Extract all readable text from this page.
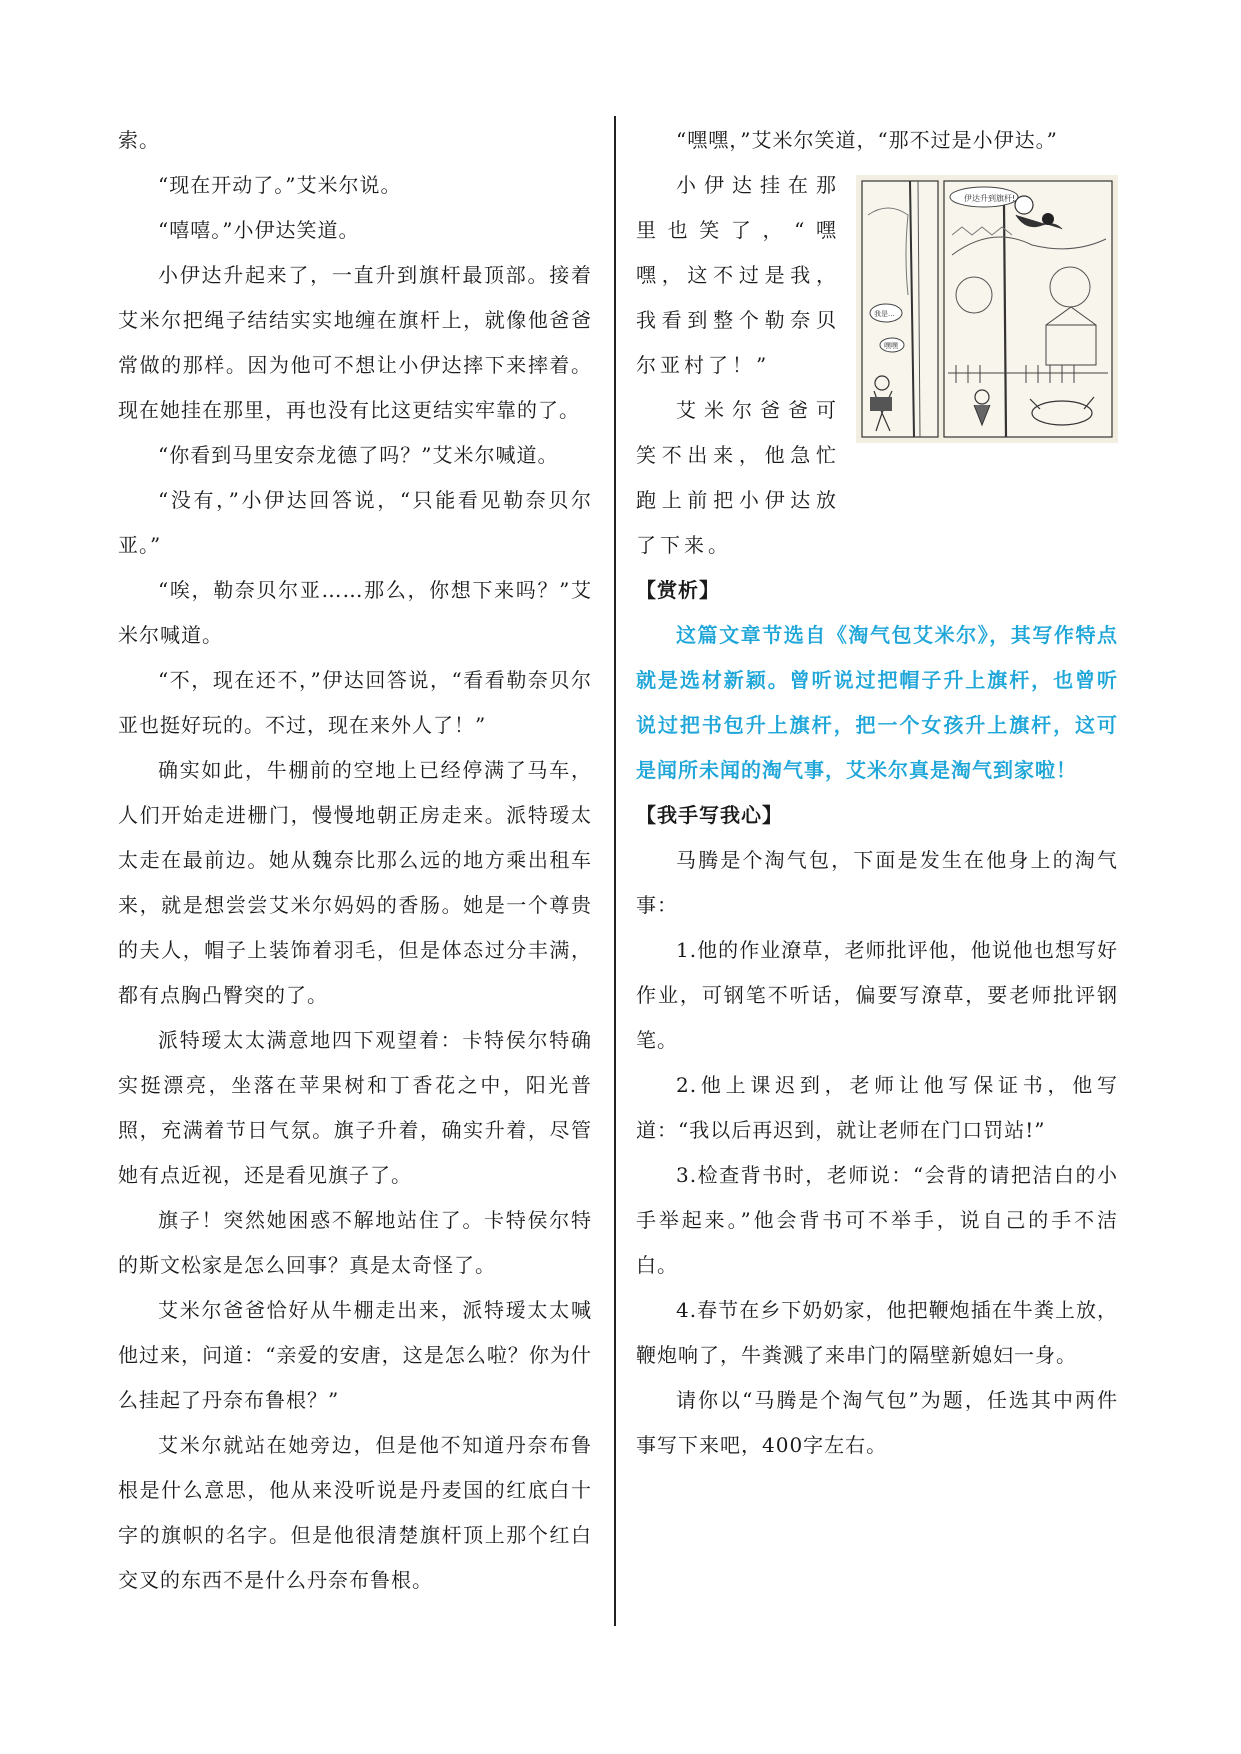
索。

“现在开动了。”艾米尔说。

“嘻嘻。”小伊达笑道。

小伊达升起来了，一直升到旗杆最顶部。接着艾米尔把绳子结结实实地缠在旗杆上，就像他爸爸常做的那样。因为他可不想让小伊达摔下来摔着。现在她挂在那里，再也没有比这更结实牢靠的了。

“你看到马里安奈龙德了吗？”艾米尔喊道。

“没有，”小伊达回答说，“只能看见勒奈贝尔亚。”

“唉，勒奈贝尔亚……那么，你想下来吗？”艾米尔喊道。

“不，现在还不，”伊达回答说，“看看勒奈贝尔亚也挺好玩的。不过，现在来外人了！”

确实如此，牛棚前的空地上已经停满了马车，人们开始走进栅门，慢慢地朝正房走来。派特瑷太太走在最前边。她从魏奈比那么远的地方乘出租车来，就是想尝尝艾米尔妈妈的香肠。她是一个尊贵的夫人，帽子上装饰着羽毛，但是体态过分丰满，都有点胸凸臀突的了。

派特瑷太太满意地四下观望着：卡特侯尔特确实挺漂亮，坐落在苹果树和丁香花之中，阳光普照，充满着节日气氛。旗子升着，确实升着，尽管她有点近视，还是看见旗子了。

旗子！突然她困惑不解地站住了。卡特侯尔特的斯文松家是怎么回事？真是太奇怪了。

艾米尔爸爸恰好从牛棚走出来，派特瑷太太喊他过来，问道：“亲爱的安唐，这是怎么啦？你为什么挂起了丹奈布鲁根？”

艾米尔就站在她旁边，但是他不知道丹奈布鲁根是什么意思，他从来没听说是丹麦国的红底白十字的旗帜的名字。但是他很清楚旗杆顶上那个红白交叉的东西不是什么丹奈布鲁根。

“嘿嘿，”艾米尔笑道，“那不过是小伊达。”

小伊达挂在那里也笑了，“嘿嘿，这不过是我，我看到整个勒奈贝尔亚村了！”

艾米尔爸爸可笑不出来，他急忙跑上前把小伊达放了下来。

伊达升到旗杆!
我是...
嘿嘿

【赏析】

这篇文章节选自《淘气包艾米尔》，其写作特点就是选材新颖。曾听说过把帽子升上旗杆，也曾听说过把书包升上旗杆，把一个女孩升上旗杆，这可是闻所未闻的淘气事，艾米尔真是淘气到家啦！

【我手写我心】

马腾是个淘气包，下面是发生在他身上的淘气事：

1.他的作业潦草，老师批评他，他说他也想写好作业，可钢笔不听话，偏要写潦草，要老师批评钢笔。

2.他上课迟到，老师让他写保证书，他写道：“我以后再迟到，就让老师在门口罚站!”

3.检查背书时，老师说：“会背的请把洁白的小手举起来。”他会背书可不举手，说自己的手不洁白。

4.春节在乡下奶奶家，他把鞭炮插在牛粪上放，鞭炮响了，牛粪溅了来串门的隔壁新媳妇一身。

请你以“马腾是个淘气包”为题，任选其中两件事写下来吧，400字左右。
